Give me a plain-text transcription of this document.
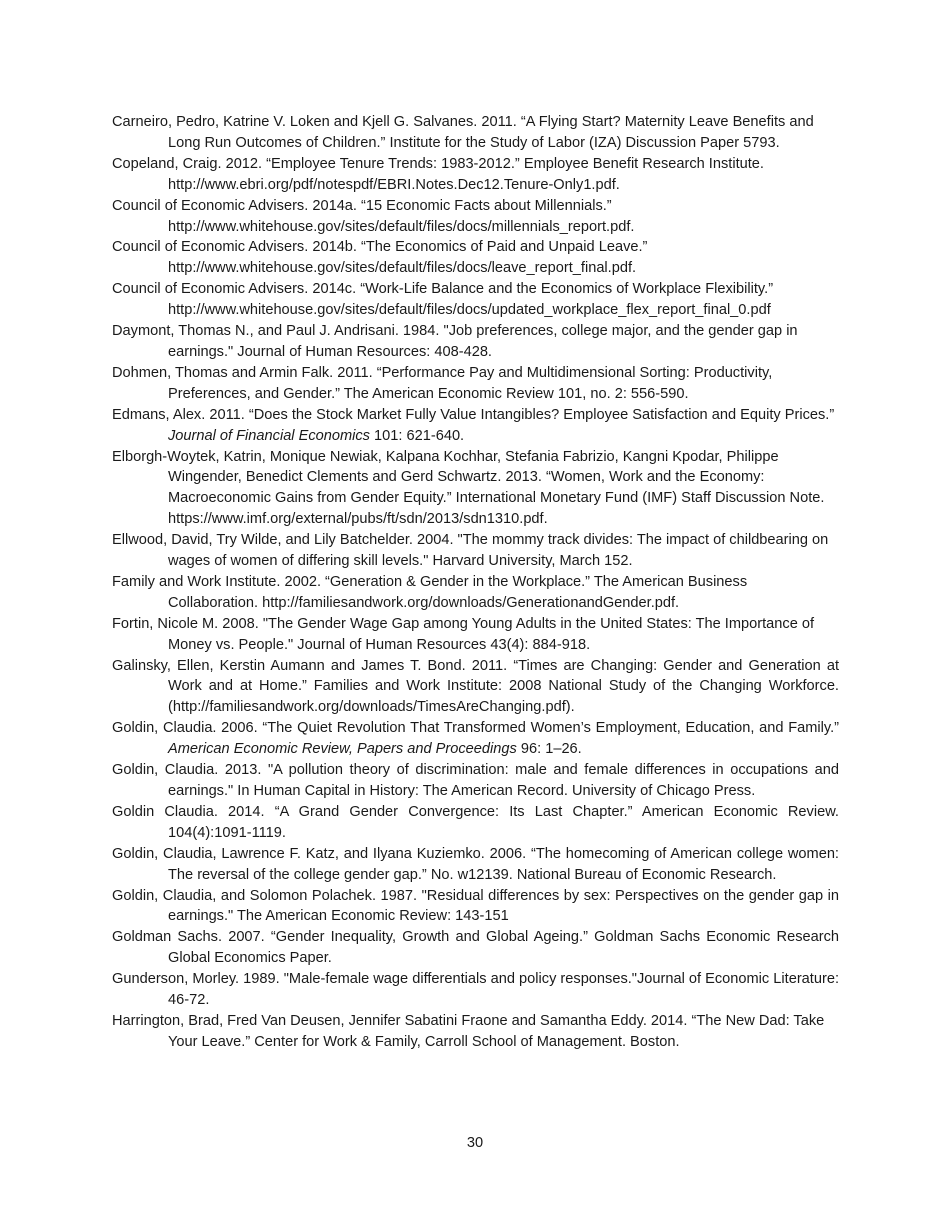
Carneiro, Pedro, Katrine V. Loken and Kjell G. Salvanes. 2011. “A Flying Start? Maternity Leave Benefits and Long Run Outcomes of Children.” Institute for the Study of Labor (IZA) Discussion Paper 5793.

Copeland, Craig. 2012. “Employee Tenure Trends: 1983-2012.” Employee Benefit Research Institute. http://www.ebri.org/pdf/notespdf/EBRI.Notes.Dec12.Tenure-Only1.pdf.

Council of Economic Advisers. 2014a. “15 Economic Facts about Millennials.” http://www.whitehouse.gov/sites/default/files/docs/millennials_report.pdf.

Council of Economic Advisers. 2014b. “The Economics of Paid and Unpaid Leave.” http://www.whitehouse.gov/sites/default/files/docs/leave_report_final.pdf.

Council of Economic Advisers. 2014c. “Work-Life Balance and the Economics of Workplace Flexibility.” http://www.whitehouse.gov/sites/default/files/docs/updated_workplace_flex_report_final_0.pdf

Daymont, Thomas N., and Paul J. Andrisani. 1984. "Job preferences, college major, and the gender gap in earnings." Journal of Human Resources: 408-428.

Dohmen, Thomas and Armin Falk. 2011. “Performance Pay and Multidimensional Sorting: Productivity, Preferences, and Gender.” The American Economic Review 101, no. 2: 556-590.

Edmans, Alex. 2011. “Does the Stock Market Fully Value Intangibles? Employee Satisfaction and Equity Prices.” Journal of Financial Economics 101: 621-640.

Elborgh-Woytek, Katrin, Monique Newiak, Kalpana Kochhar, Stefania Fabrizio, Kangni Kpodar, Philippe Wingender, Benedict Clements and Gerd Schwartz. 2013. “Women, Work and the Economy: Macroeconomic Gains from Gender Equity.” International Monetary Fund (IMF) Staff Discussion Note. https://www.imf.org/external/pubs/ft/sdn/2013/sdn1310.pdf.

Ellwood, David, Try Wilde, and Lily Batchelder. 2004. "The mommy track divides: The impact of childbearing on wages of women of differing skill levels." Harvard University, March 152.

Family and Work Institute. 2002. “Generation & Gender in the Workplace.” The American Business Collaboration. http://familiesandwork.org/downloads/GenerationandGender.pdf.

Fortin, Nicole M. 2008. "The Gender Wage Gap among Young Adults in the United States: The Importance of Money vs. People." Journal of Human Resources 43(4): 884-918.

Galinsky, Ellen, Kerstin Aumann and James T. Bond. 2011. “Times are Changing: Gender and Generation at Work and at Home.” Families and Work Institute: 2008 National Study of the Changing Workforce. (http://familiesandwork.org/downloads/TimesAreChanging.pdf).

Goldin, Claudia. 2006. “The Quiet Revolution That Transformed Women’s Employment, Education, and Family.” American Economic Review, Papers and Proceedings 96: 1–26.

Goldin, Claudia. 2013. "A pollution theory of discrimination: male and female differences in occupations and earnings." In Human Capital in History: The American Record. University of Chicago Press.

Goldin Claudia. 2014. “A Grand Gender Convergence: Its Last Chapter.” American Economic Review. 104(4):1091-1119.

Goldin, Claudia, Lawrence F. Katz, and Ilyana Kuziemko. 2006. “The homecoming of American college women: The reversal of the college gender gap.” No. w12139. National Bureau of Economic Research.

Goldin, Claudia, and Solomon Polachek. 1987. "Residual differences by sex: Perspectives on the gender gap in earnings." The American Economic Review: 143-151

Goldman Sachs. 2007. “Gender Inequality, Growth and Global Ageing.” Goldman Sachs Economic Research Global Economics Paper.

Gunderson, Morley. 1989. "Male-female wage differentials and policy responses."Journal of Economic Literature: 46-72.

Harrington, Brad, Fred Van Deusen, Jennifer Sabatini Fraone and Samantha Eddy. 2014. “The New Dad: Take Your Leave.” Center for Work & Family, Carroll School of Management. Boston.

30
